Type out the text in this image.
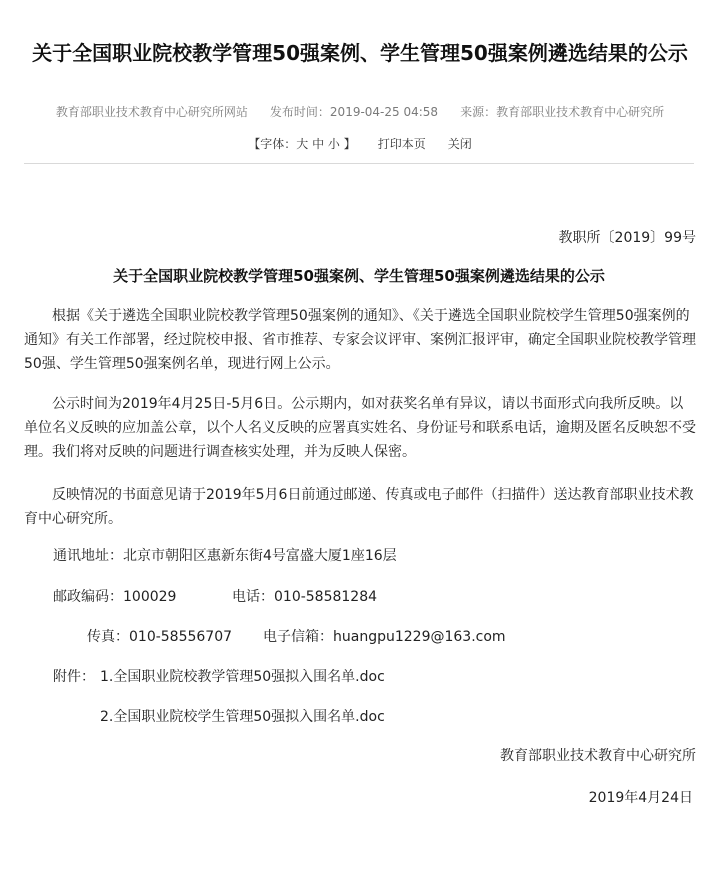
关于全国职业院校教学管理50强案例、学生管理50强案例遴选结果的公示
教育部职业技术教育中心研究所网站 发布时间：2019-04-25 04:58 来源：教育部职业技术教育中心研究所
【字体：大 中 小 】 打印本页 关闭
教职所〔2019〕99号
关于全国职业院校教学管理50强案例、学生管理50强案例遴选结果的公示

根据《关于遴选全国职业院校教学管理50强案例的通知》、《关于遴选全国职业院校学生管理50强案例的通知》有关工作部署，经过院校申报、省市推荐、专家会议评审、案例汇报评审，确定全国职业院校教学管理50强、学生管理50强案例名单，现进行网上公示。

公示时间为2019年4月25日-5月6日。公示期内，如对获奖名单有异议，请以书面形式向我所反映。以单位名义反映的应加盖公章，以个人名义反映的应署真实姓名、身份证号和联系电话，逾期及匿名反映恕不受理。我们将对反映的问题进行调查核实处理，并为反映人保密。

反映情况的书面意见请于2019年5月6日前通过邮递、传真或电子邮件（扫描件）送达教育部职业技术教育中心研究所。

通讯地址：北京市朝阳区惠新东街4号富盛大厦1座16层
邮政编码：100029	电话：010-58581284
传真：010-58556707 电子信箱：huangpu1229@163.com
附件： 1.全国职业院校教学管理50强拟入围名单.doc
2.全国职业院校学生管理50强拟入围名单.doc
教育部职业技术教育中心研究所
2019年4月24日
